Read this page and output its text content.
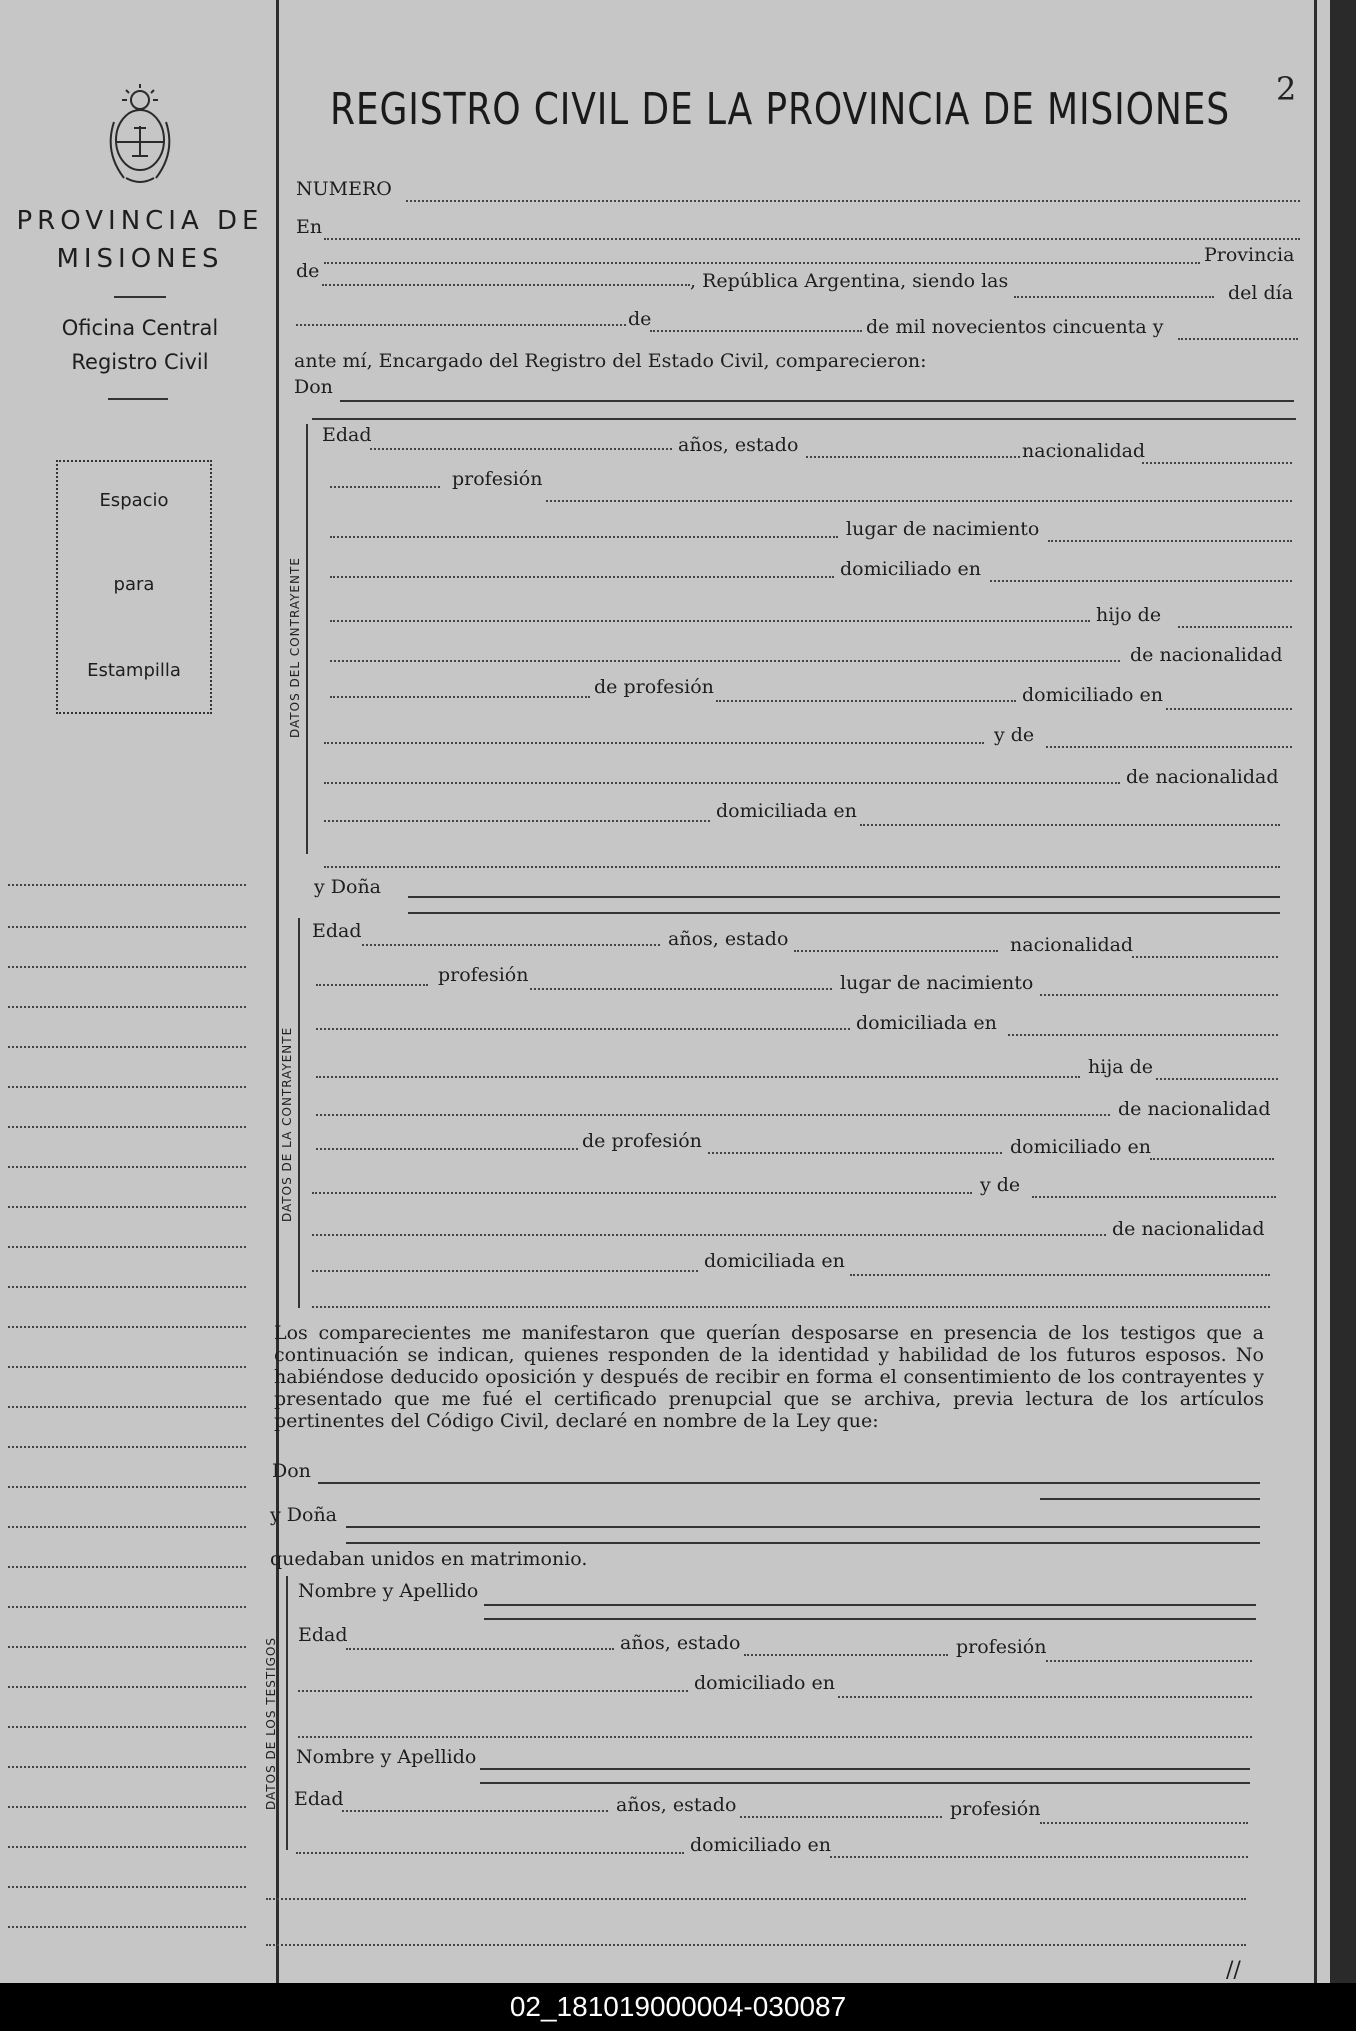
PROVINCIA DE
MISIONES
Oficina Central
Registro Civil
Espacio
para
Estampilla
REGISTRO CIVIL DE LA PROVINCIA DE MISIONES 2
NUMERO
En
Provincia
de	, República Argentina, siendo las
del día
de	de mil novecientos cincuenta y
ante mí, Encargado del Registro del Estado Civil, comparecieron:
Don
DATOS DEL CONTRAYENTE
Edad	años, estado	nacionalidad
profesión
lugar de nacimiento
domiciliado en
hijo de
de nacionalidad
de profesión	domiciliado en
y de
de nacionalidad
domiciliada en
y Doña
DATOS DE LA CONTRAYENTE
Edad	años, estado	nacionalidad
profesión	lugar de nacimiento
domiciliada en
hija de
de nacionalidad
de profesión	domiciliado en
y de
de nacionalidad
domiciliada en
Los comparecientes me manifestaron que querían desposarse en presencia de los testigos que a continuación se indican, quienes responden de la identidad y habilidad de los futuros esposos. No habiéndose deducido oposición y después de recibir en forma el consentimiento de los contrayentes y presentado que me fué el certificado prenupcial que se archiva, previa lectura de los artículos pertinentes del Código Civil, declaré en nombre de la Ley que:
Don
y Doña
quedaban unidos en matrimonio.
DATOS DE LOS TESTIGOS
Nombre y Apellido
Edad	años, estado	profesión
domiciliado en
Nombre y Apellido
Edad	años, estado	profesión
domiciliado en
//
02_181019000004-030087
